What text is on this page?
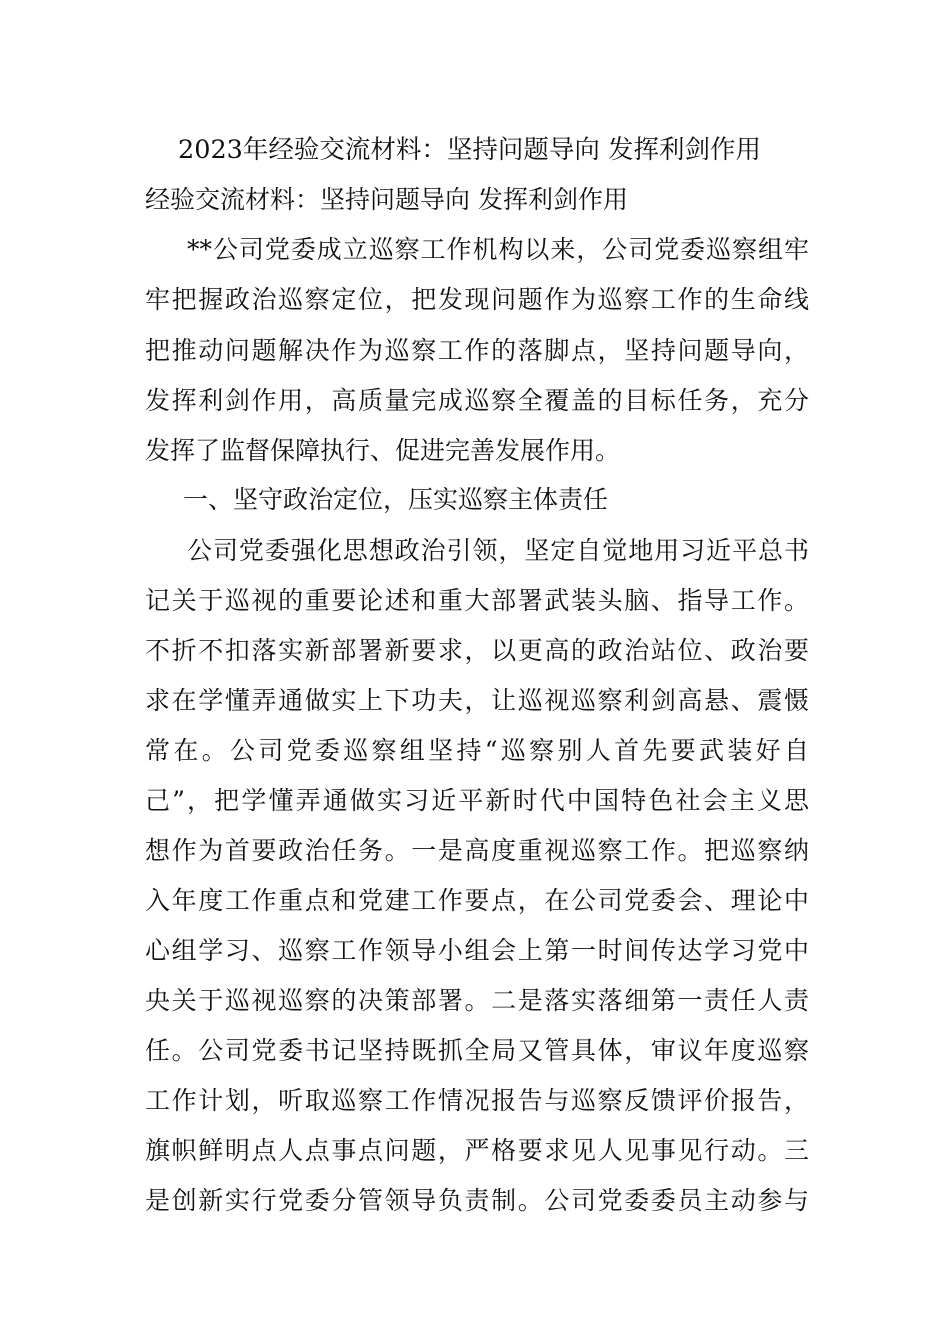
2023年经验交流材料：坚持问题导向 发挥利剑作用
经验交流材料：坚持问题导向 发挥利剑作用
**公司党委成立巡察工作机构以来，公司党委巡察组牢
牢把握政治巡察定位，把发现问题作为巡察工作的生命线
把推动问题解决作为巡察工作的落脚点，坚持问题导向，
发挥利剑作用，高质量完成巡察全覆盖的目标任务，充分
发挥了监督保障执行、促进完善发展作用。
一、坚守政治定位，压实巡察主体责任
公司党委强化思想政治引领，坚定自觉地用习近平总书
记关于巡视的重要论述和重大部署武装头脑、指导工作。
不折不扣落实新部署新要求，以更高的政治站位、政治要
求在学懂弄通做实上下功夫，让巡视巡察利剑高悬、震慑
常在。公司党委巡察组坚持“巡察别人首先要武装好自
己”，把学懂弄通做实习近平新时代中国特色社会主义思
想作为首要政治任务。一是高度重视巡察工作。把巡察纳
入年度工作重点和党建工作要点，在公司党委会、理论中
心组学习、巡察工作领导小组会上第一时间传达学习党中
央关于巡视巡察的决策部署。二是落实落细第一责任人责
任。公司党委书记坚持既抓全局又管具体，审议年度巡察
工作计划，听取巡察工作情况报告与巡察反馈评价报告，
旗帜鲜明点人点事点问题，严格要求见人见事见行动。三
是创新实行党委分管领导负责制。公司党委委员主动参与
